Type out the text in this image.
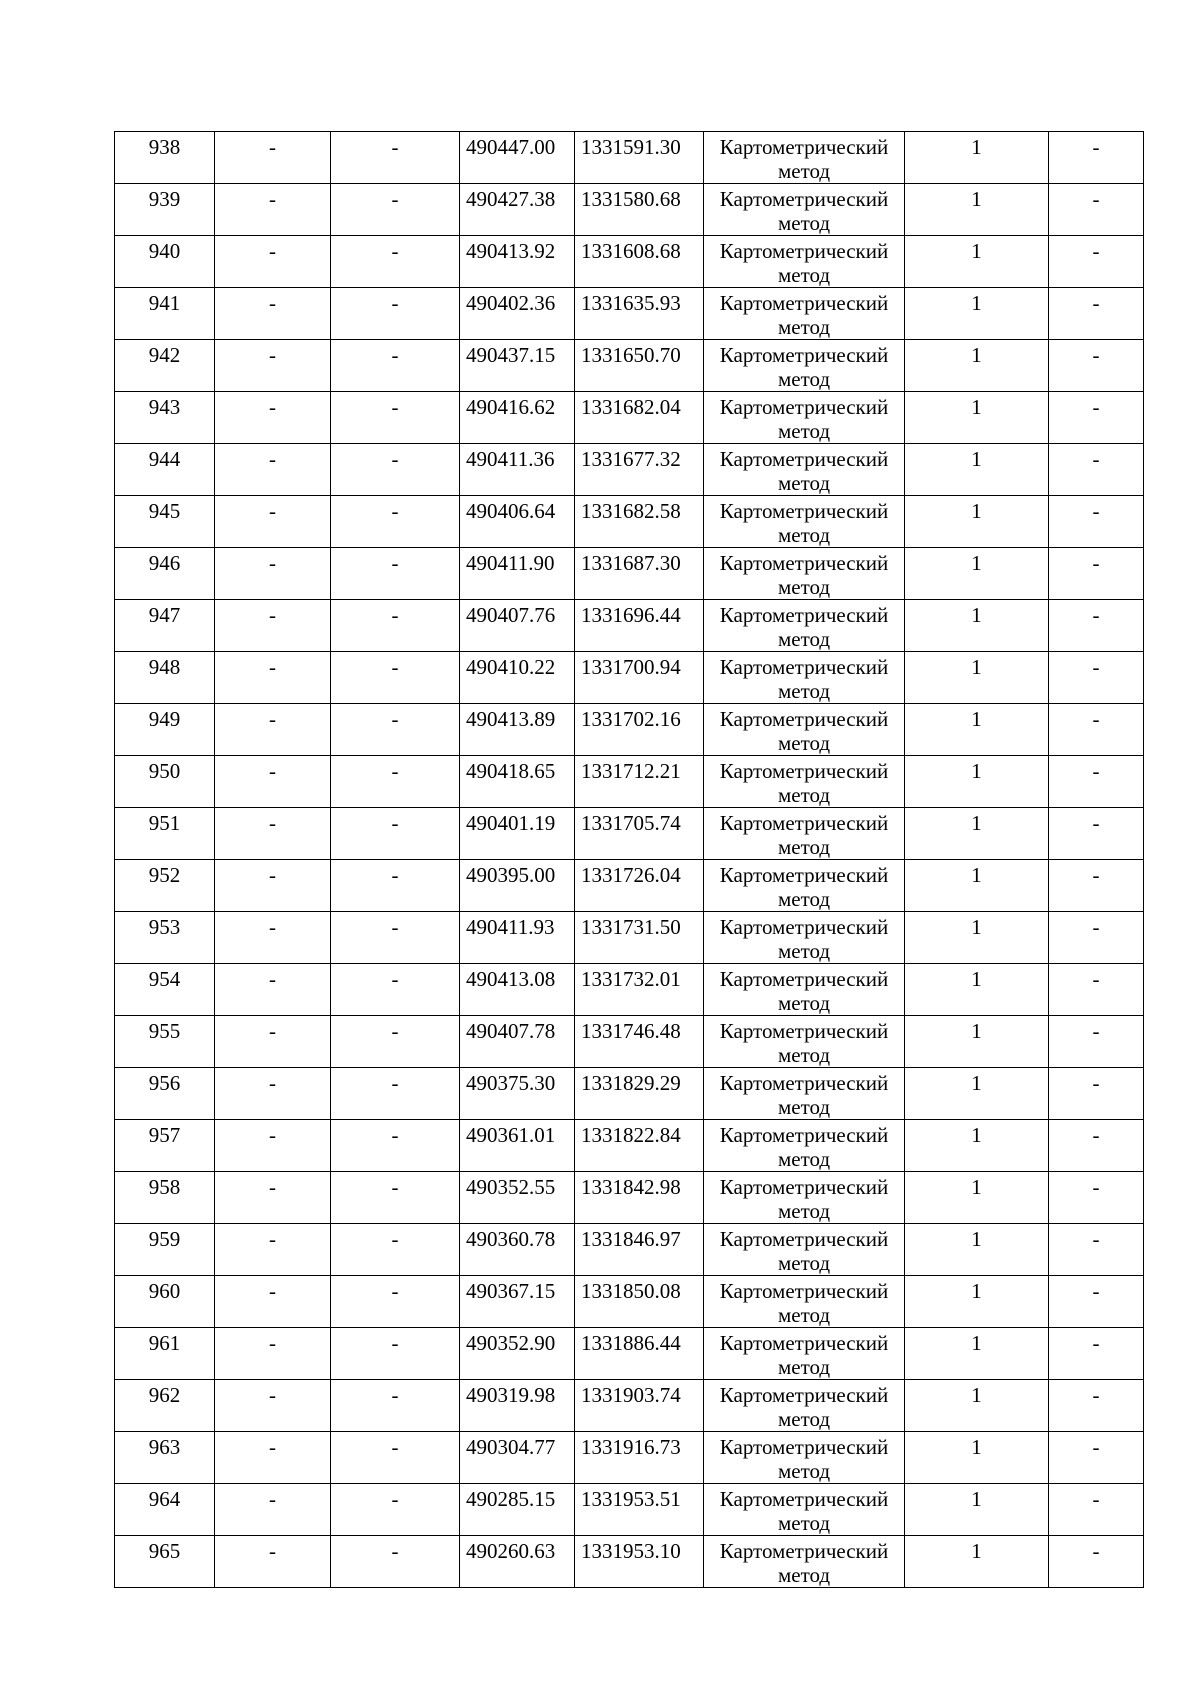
938	-	-	490447.00	1331591.30	Картометрический
метод	1	-
939	-	-	490427.38	1331580.68	Картометрический
метод	1	-
940	-	-	490413.92	1331608.68	Картометрический
метод	1	-
941	-	-	490402.36	1331635.93	Картометрический
метод	1	-
942	-	-	490437.15	1331650.70	Картометрический
метод	1	-
943	-	-	490416.62	1331682.04	Картометрический
метод	1	-
944	-	-	490411.36	1331677.32	Картометрический
метод	1	-
945	-	-	490406.64	1331682.58	Картометрический
метод	1	-
946	-	-	490411.90	1331687.30	Картометрический
метод	1	-
947	-	-	490407.76	1331696.44	Картометрический
метод	1	-
948	-	-	490410.22	1331700.94	Картометрический
метод	1	-
949	-	-	490413.89	1331702.16	Картометрический
метод	1	-
950	-	-	490418.65	1331712.21	Картометрический
метод	1	-
951	-	-	490401.19	1331705.74	Картометрический
метод	1	-
952	-	-	490395.00	1331726.04	Картометрический
метод	1	-
953	-	-	490411.93	1331731.50	Картометрический
метод	1	-
954	-	-	490413.08	1331732.01	Картометрический
метод	1	-
955	-	-	490407.78	1331746.48	Картометрический
метод	1	-
956	-	-	490375.30	1331829.29	Картометрический
метод	1	-
957	-	-	490361.01	1331822.84	Картометрический
метод	1	-
958	-	-	490352.55	1331842.98	Картометрический
метод	1	-
959	-	-	490360.78	1331846.97	Картометрический
метод	1	-
960	-	-	490367.15	1331850.08	Картометрический
метод	1	-
961	-	-	490352.90	1331886.44	Картометрический
метод	1	-
962	-	-	490319.98	1331903.74	Картометрический
метод	1	-
963	-	-	490304.77	1331916.73	Картометрический
метод	1	-
964	-	-	490285.15	1331953.51	Картометрический
метод	1	-
965	-	-	490260.63	1331953.10	Картометрический
метод	1	-
